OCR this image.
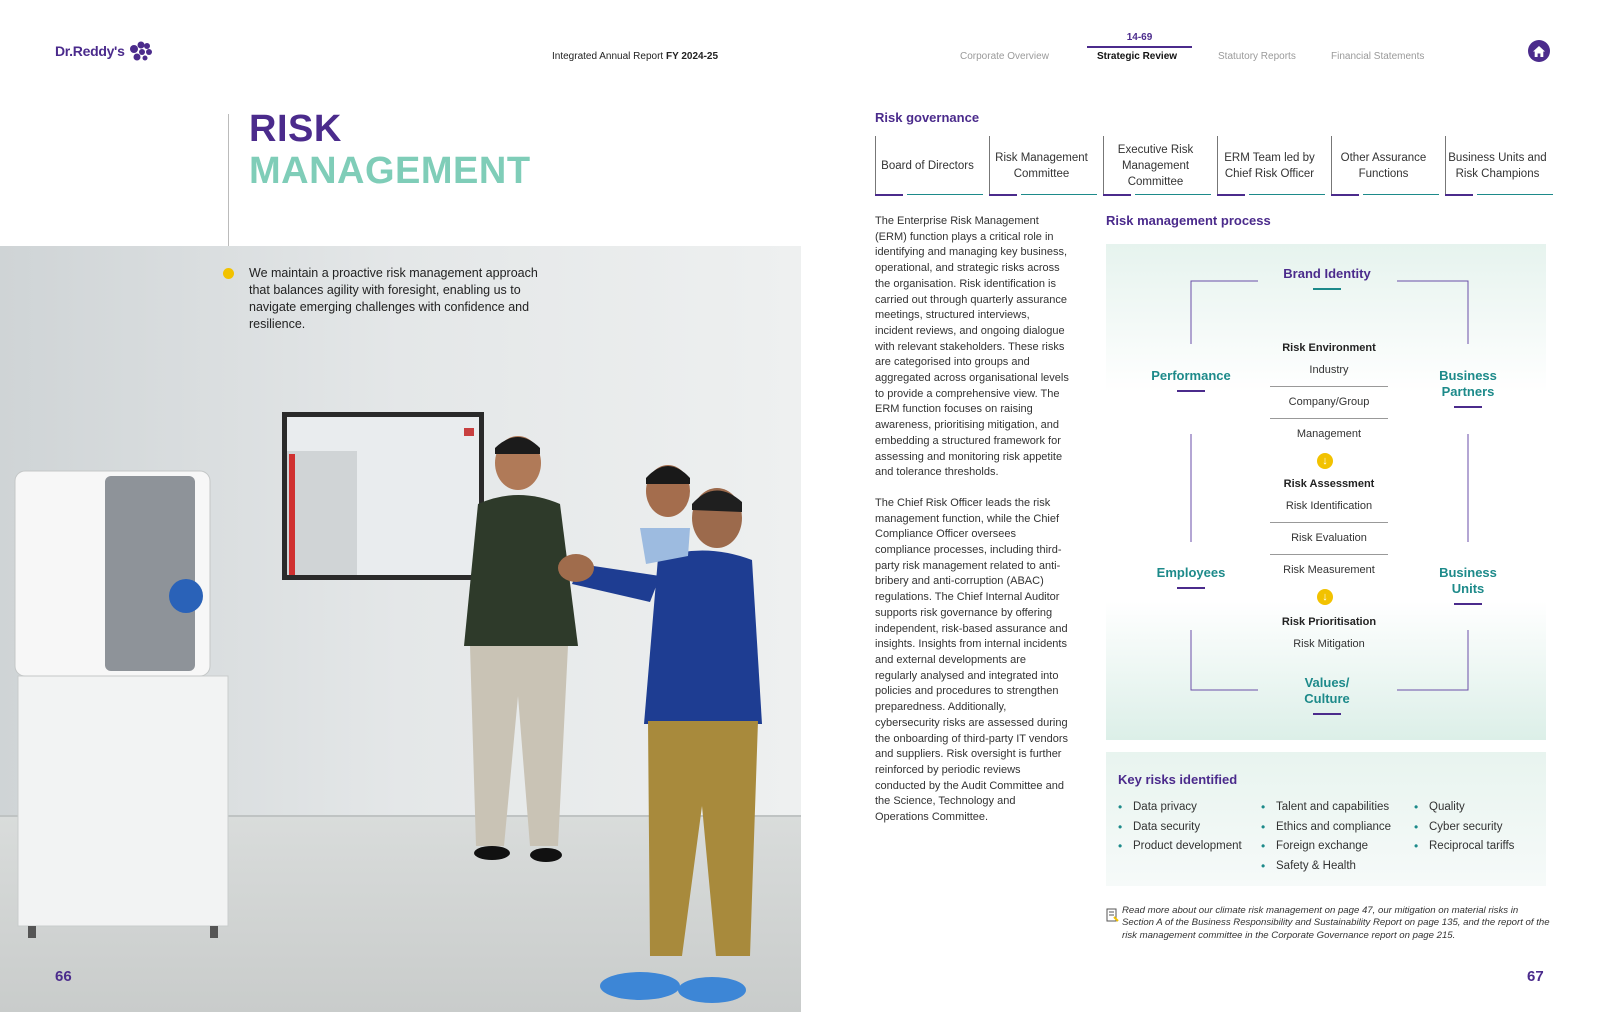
Dr.Reddy's	Integrated Annual Report FY 2024-25	Corporate Overview
14-69
Strategic Review	Statutory Reports	Financial Statements
RISK
MANAGEMENT
We maintain a proactive risk management approach that balances agility with foresight, enabling us to navigate emerging challenges with confidence and resilience.
66
Risk governance
Board of Directors
Risk Management Committee
Executive Risk Management Committee
ERM Team led by Chief Risk Officer
Other Assurance Functions
Business Units and Risk Champions

The Enterprise Risk Management (ERM) function plays a critical role in identifying and managing key business, operational, and strategic risks across the organisation. Risk identification is carried out through quarterly assurance meetings, structured interviews, incident reviews, and ongoing dialogue with relevant stakeholders. These risks are categorised into groups and aggregated across organisational levels to provide a comprehensive view. The ERM function focuses on raising awareness, prioritising mitigation, and embedding a structured framework for assessing and monitoring risk appetite and tolerance thresholds.

The Chief Risk Officer leads the risk management function, while the Chief Compliance Officer oversees compliance processes, including third-party risk management related to anti-bribery and anti-corruption (ABAC) regulations. The Chief Internal Auditor supports risk governance by offering independent, risk-based assurance and insights. Insights from internal incidents and external developments are regularly analysed and integrated into policies and procedures to strengthen preparedness. Additionally, cybersecurity risks are assessed during the onboarding of third-party IT vendors and suppliers. Risk oversight is further reinforced by periodic reviews conducted by the Audit Committee and the Science, Technology and Operations Committee.

Risk management process
Brand Identity
Performance	Business Partners
Employees	Business Units
Values/ Culture
Risk Environment
Industry
Company/Group
Management
↓
Risk Assessment
Risk Identification
Risk Evaluation
Risk Measurement
↓
Risk Prioritisation
Risk Mitigation
Key risks identified
• Data privacy
• Data security
• Product development
• Talent and capabilities
• Ethics and compliance
• Foreign exchange
• Safety & Health
• Quality
• Cyber security
• Reciprocal tariffs
Read more about our climate risk management on page 47, our mitigation on material risks in Section A of the Business Responsibility and Sustainability Report on page 135, and the report of the risk management committee in the Corporate Governance report on page 215.
67
